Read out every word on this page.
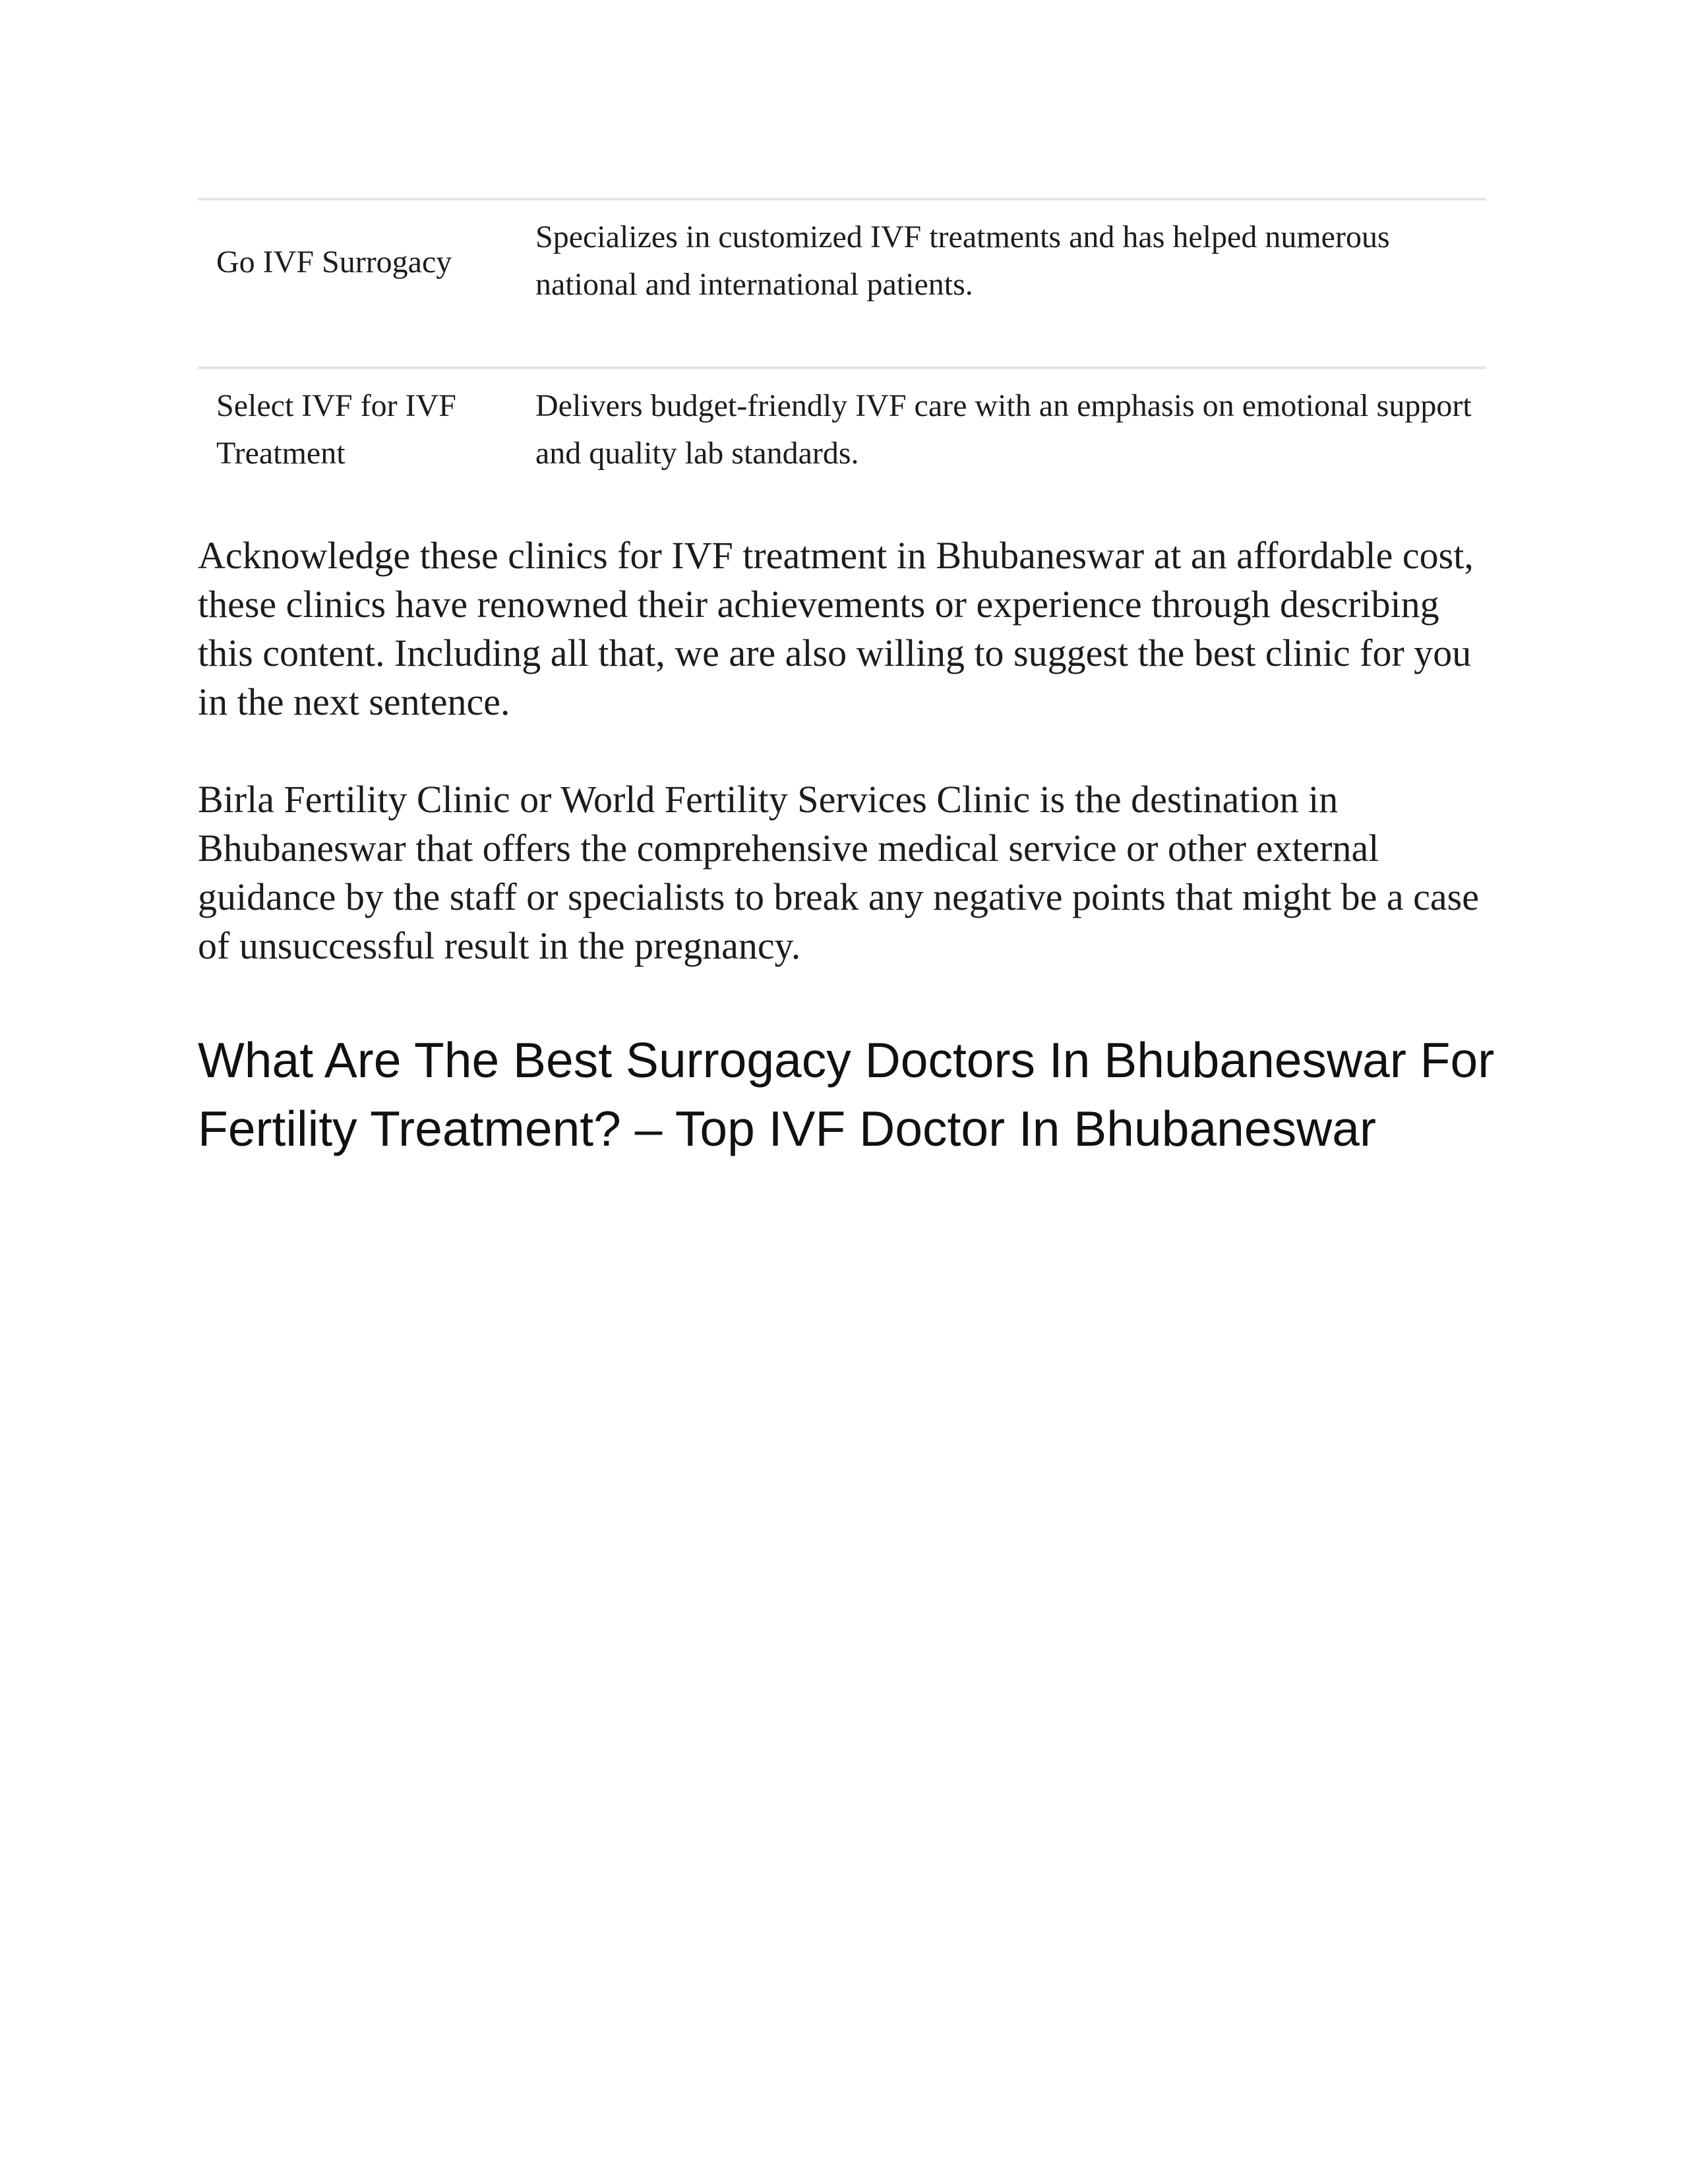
Go IVF Surrogacy
Specializes in customized IVF treatments and has helped numerous national and international patients.
Select IVF for IVF Treatment
Delivers budget-friendly IVF care with an emphasis on emotional support and quality lab standards.

Acknowledge these clinics for IVF treatment in Bhubaneswar at an affordable cost, these clinics have renowned their achievements or experience through describing this content. Including all that, we are also willing to suggest the best clinic for you in the next sentence.

Birla Fertility Clinic or World Fertility Services Clinic is the destination in Bhubaneswar that offers the comprehensive medical service or other external guidance by the staff or specialists to break any negative points that might be a case of unsuccessful result in the pregnancy.

What Are The Best Surrogacy Doctors In Bhubaneswar For Fertility Treatment? – Top IVF Doctor In Bhubaneswar
